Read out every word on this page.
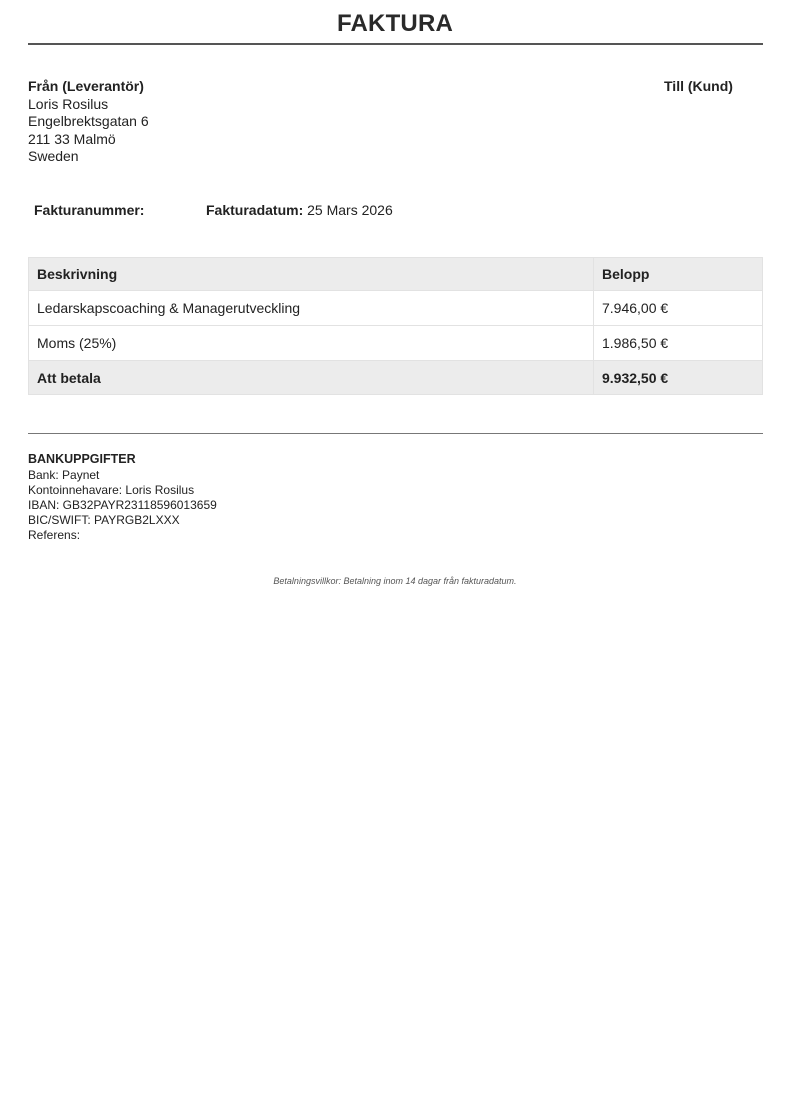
FAKTURA
Från (Leverantör)
Loris Rosilus
Engelbrektsgatan 6
211 33 Malmö
Sweden
Till (Kund)
Fakturanummer:	Fakturadatum: 25 Mars 2026
Beskrivning	Belopp
Ledarskapscoaching & Managerutveckling	7.946,00 €
Moms (25%)	1.986,50 €
Att betala	9.932,50 €
BANKUPPGIFTER
Bank: Paynet
Kontoinnehavare: Loris Rosilus
IBAN: GB32PAYR23118596013659
BIC/SWIFT: PAYRGB2LXXX
Referens:
Betalningsvillkor: Betalning inom 14 dagar från fakturadatum.
